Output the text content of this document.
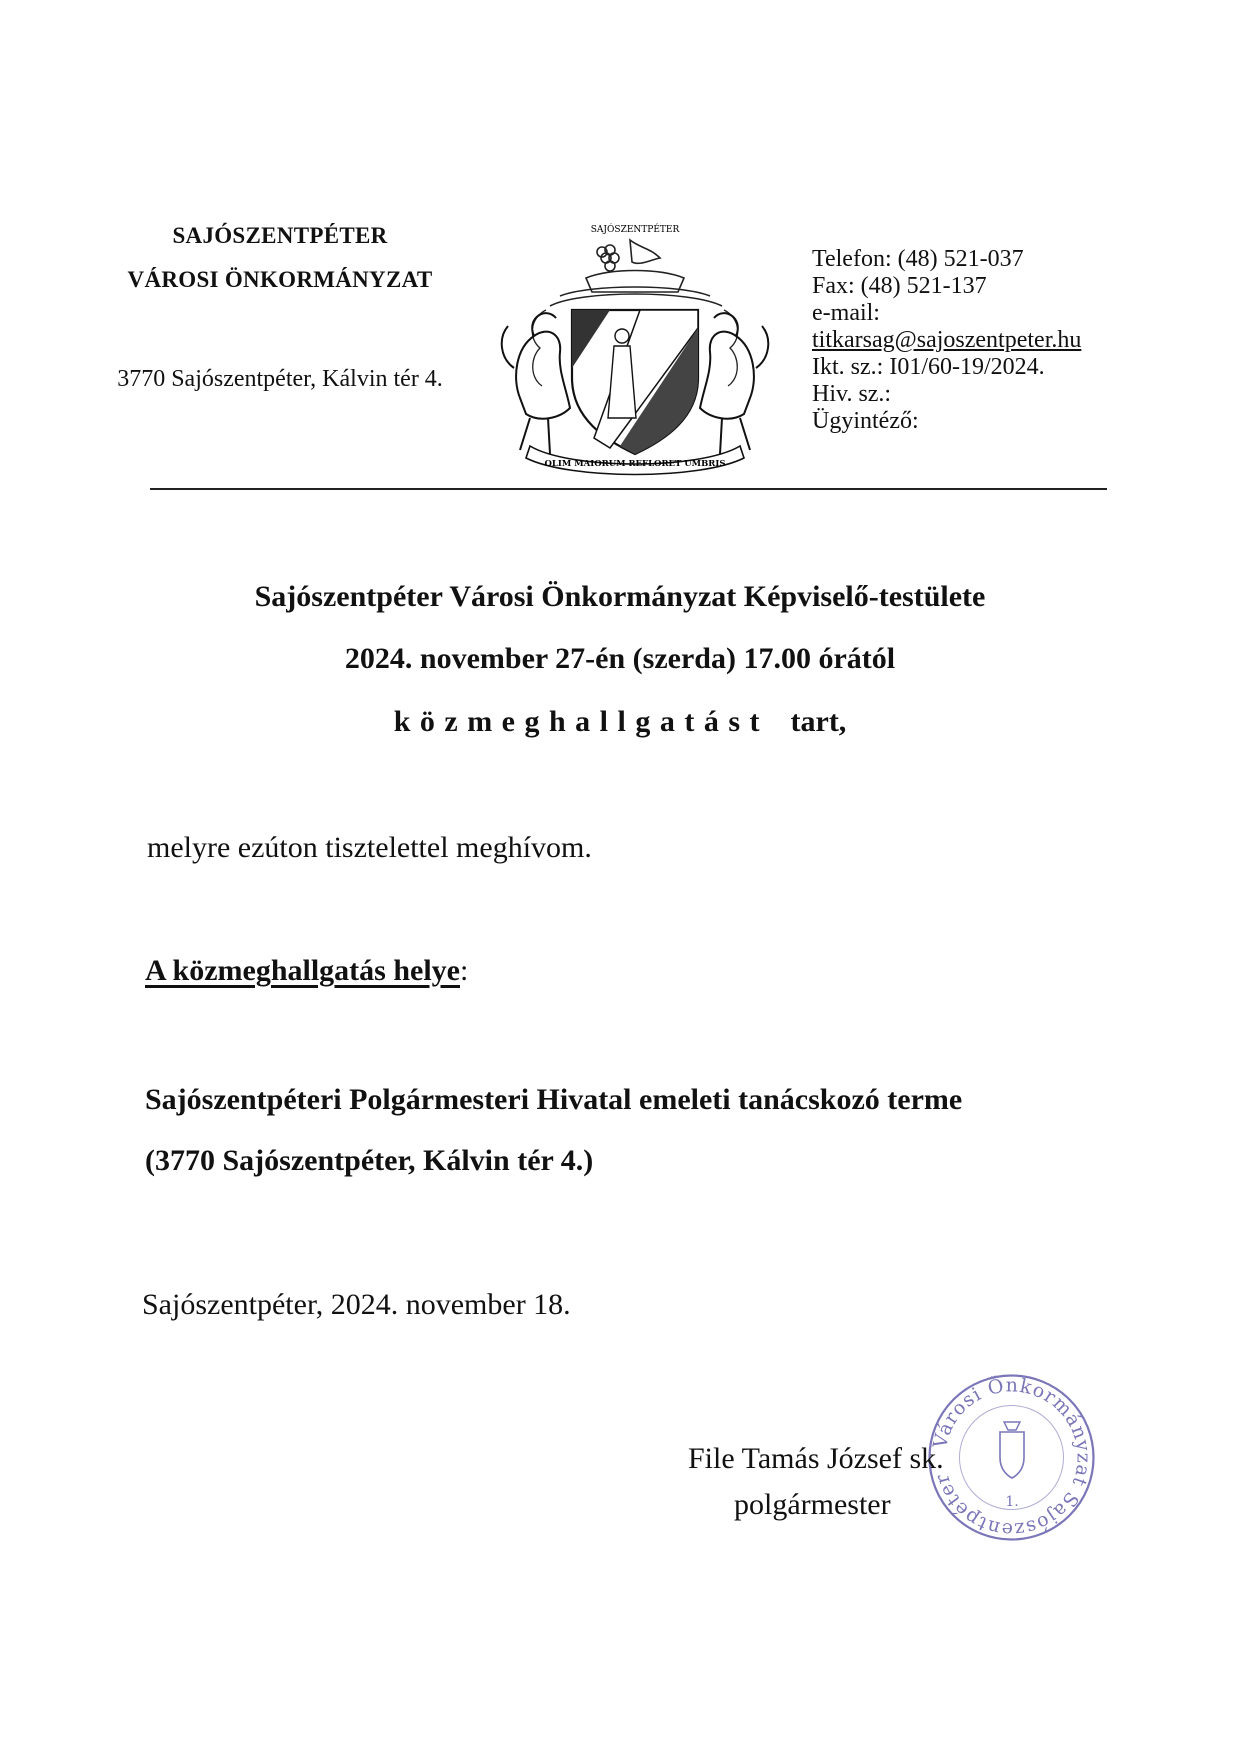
SAJÓSZENTPÉTER
VÁROSI ÖNKORMÁNYZAT
3770 Sajószentpéter, Kálvin tér 4.
SAJÓSZENTPÉTER
OLIM MAIORUM REFLORET UMBRIS
Telefon: (48) 521-037
Fax: (48) 521-137
e-mail:
titkarsag@sajoszentpeter.hu
Ikt. sz.: I01/60-19/2024.
Hiv. sz.:
Ügyintéző:
Sajószentpéter Városi Önkormányzat Képviselő-testülete
2024. november 27-én (szerda) 17.00 órától
közmeghallgatást tart,
melyre ezúton tisztelettel meghívom.
A közmeghallgatás helye:
Sajószentpéteri Polgármesteri Hivatal emeleti tanácskozó terme
(3770 Sajószentpéter, Kálvin tér 4.)
Sajószentpéter, 2024. november 18.
Városi Önkormányzat Sajószentpéter
1.
File Tamás József sk.
polgármester
